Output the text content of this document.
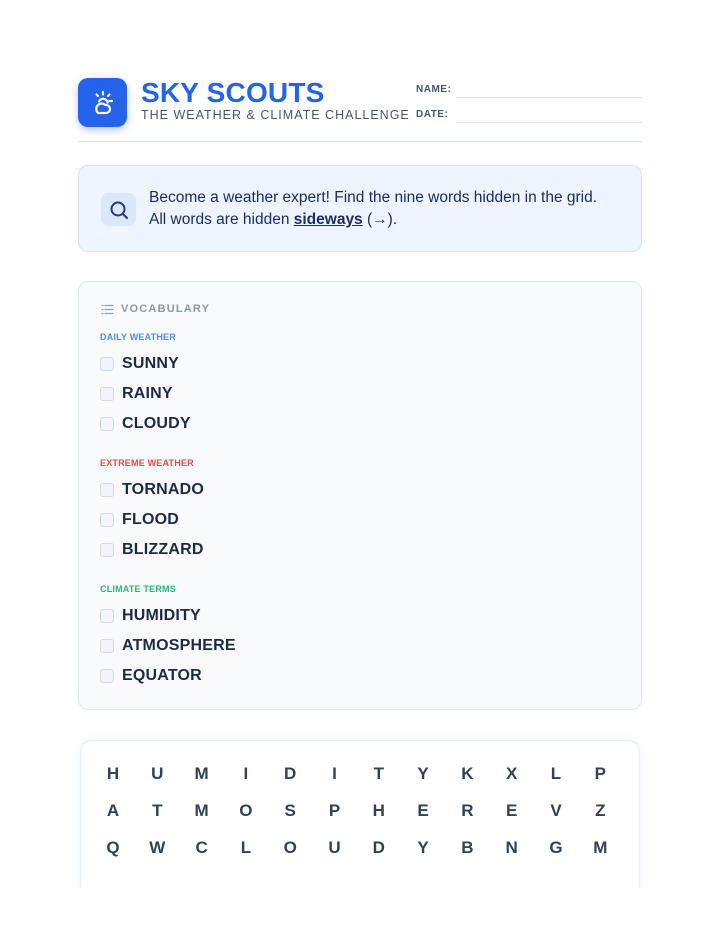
SKY SCOUTS
THE WEATHER & CLIMATE CHALLENGE
NAME:
DATE:
Become a weather expert! Find the nine words hidden in the grid.
All words are hidden sideways (→).
VOCABULARY
DAILY WEATHER
SUNNY
RAINY
CLOUDY
EXTREME WEATHER
TORNADO
FLOOD
BLIZZARD
CLIMATE TERMS
HUMIDITY
ATMOSPHERE
EQUATOR
H	U	M	I	D	I	T	Y	K	X	L	P
A	T	M	O	S	P	H	E	R	E	V	Z
Q	W	C	L	O	U	D	Y	B	N	G	M
